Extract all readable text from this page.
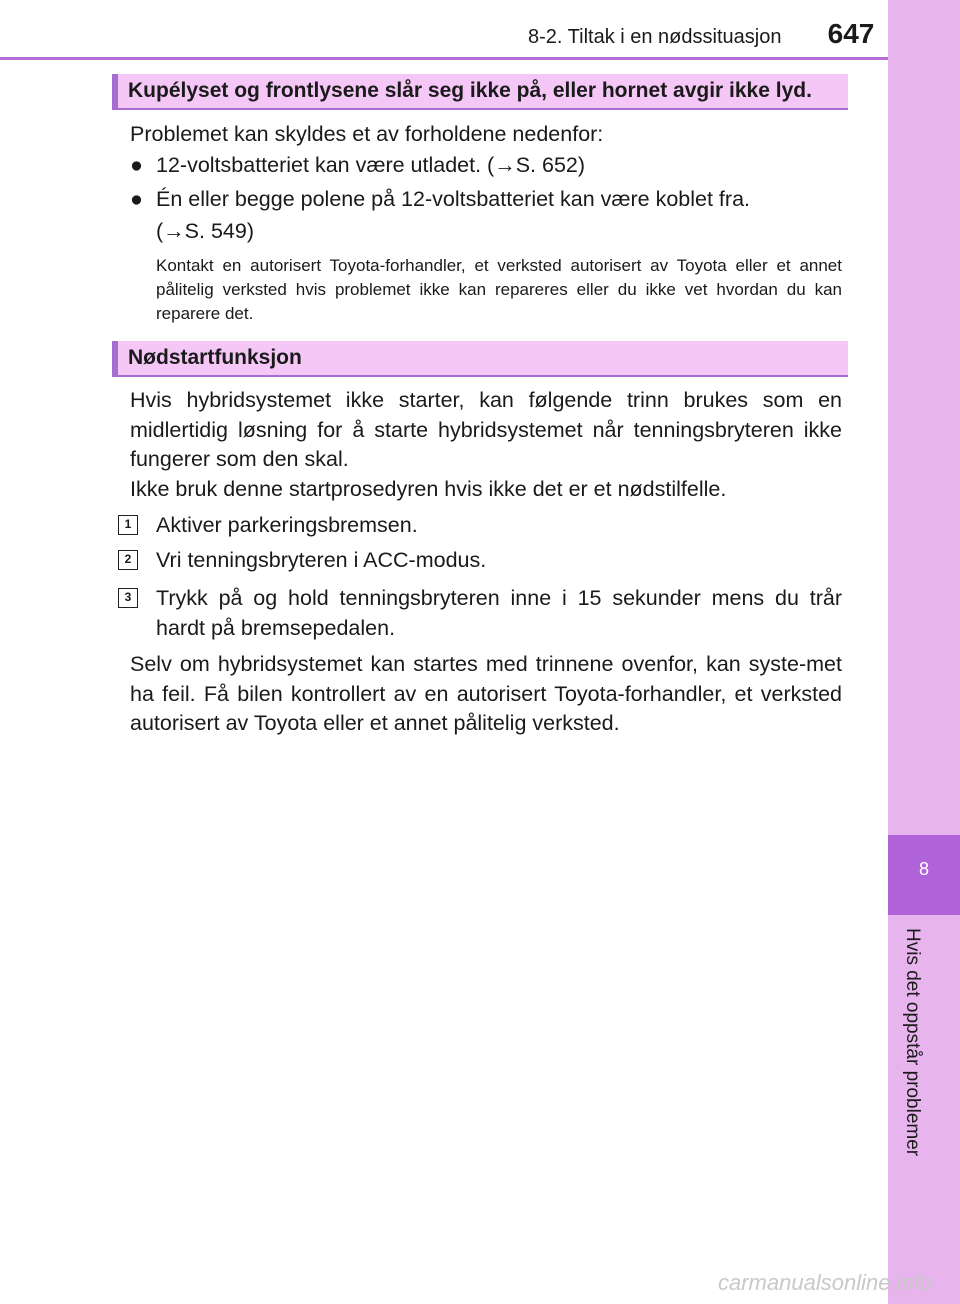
8-2. Tiltak i en nødssituasjon 647
8
Hvis det oppstår problemer
Kupélyset og frontlysene slår seg ikke på, eller hornet avgir ikke lyd.
Problemet kan skyldes et av forholdene nedenfor:
● 12-voltsbatteriet kan være utladet. (→S. 652)
● Én eller begge polene på 12-voltsbatteriet kan være koblet fra.
(→S. 549)
Kontakt en autorisert Toyota-forhandler, et verksted autorisert av Toyota eller et annet pålitelig verksted hvis problemet ikke kan repareres eller du ikke vet hvordan du kan reparere det.
Nødstartfunksjon
Hvis hybridsystemet ikke starter, kan følgende trinn brukes som en midlertidig løsning for å starte hybridsystemet når tenningsbryteren ikke fungerer som den skal.
Ikke bruk denne startprosedyren hvis ikke det er et nødstilfelle.
1	Aktiver parkeringsbremsen.
2	Vri tenningsbryteren i ACC-modus.
3	Trykk på og hold tenningsbryteren inne i 15 sekunder mens du trår hardt på bremsepedalen.
Selv om hybridsystemet kan startes med trinnene ovenfor, kan syste-met ha feil. Få bilen kontrollert av en autorisert Toyota-forhandler, et verksted autorisert av Toyota eller et annet pålitelig verksted.
carmanualsonline.info
